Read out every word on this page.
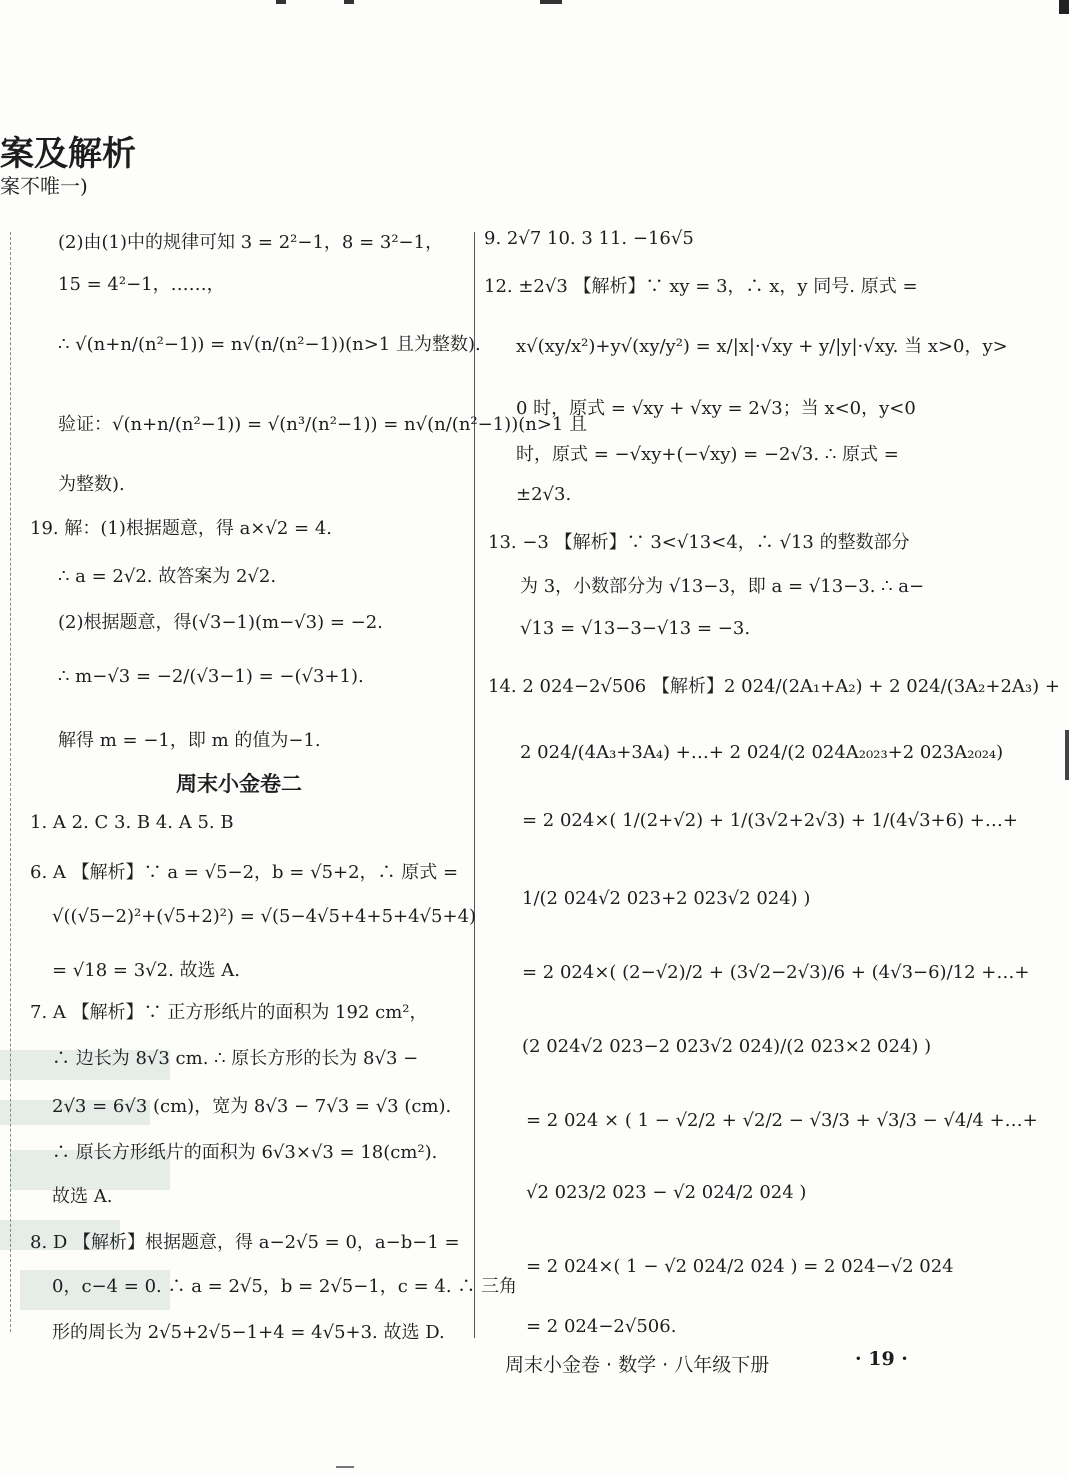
案及解析
案不唯一)
(2)由(1)中的规律可知 3 = 2²−1，8 = 3²−1，
15 = 4²−1，……，
∴ √(n+n/(n²−1)) = n√(n/(n²−1))(n>1 且为整数).
验证：√(n+n/(n²−1)) = √(n³/(n²−1)) = n√(n/(n²−1))(n>1 且
为整数).
19. 解：(1)根据题意，得 a×√2 = 4.
∴ a = 2√2. 故答案为 2√2.
(2)根据题意，得(√3−1)(m−√3) = −2.
∴ m−√3 = −2/(√3−1) = −(√3+1).
解得 m = −1，即 m 的值为−1.
周末小金卷二
1. A 2. C 3. B 4. A 5. B
6. A 【解析】∵ a = √5−2，b = √5+2，∴ 原式 =
√((√5−2)²+(√5+2)²) = √(5−4√5+4+5+4√5+4)
= √18 = 3√2. 故选 A.
7. A 【解析】∵ 正方形纸片的面积为 192 cm²，
∴ 边长为 8√3 cm. ∴ 原长方形的长为 8√3 −
2√3 = 6√3 (cm)，宽为 8√3 − 7√3 = √3 (cm).
∴ 原长方形纸片的面积为 6√3×√3 = 18(cm²).
故选 A.
8. D 【解析】根据题意，得 a−2√5 = 0，a−b−1 =
0，c−4 = 0. ∴ a = 2√5，b = 2√5−1，c = 4. ∴ 三角
形的周长为 2√5+2√5−1+4 = 4√5+3. 故选 D.
9. 2√7 10. 3 11. −16√5
12. ±2√3 【解析】∵ xy = 3，∴ x，y 同号. 原式 =
x√(xy/x²)+y√(xy/y²) = x/|x|·√xy + y/|y|·√xy. 当 x>0，y>
0 时，原式 = √xy + √xy = 2√3；当 x<0，y<0
时，原式 = −√xy+(−√xy) = −2√3. ∴ 原式 =
±2√3.
13. −3 【解析】∵ 3<√13<4，∴ √13 的整数部分
为 3，小数部分为 √13−3，即 a = √13−3. ∴ a−
√13 = √13−3−√13 = −3.
14. 2 024−2√506 【解析】2 024/(2A₁+A₂) + 2 024/(3A₂+2A₃) +
2 024/(4A₃+3A₄) +…+ 2 024/(2 024A₂₀₂₃+2 023A₂₀₂₄)
= 2 024×( 1/(2+√2) + 1/(3√2+2√3) + 1/(4√3+6) +…+
1/(2 024√2 023+2 023√2 024) )
= 2 024×( (2−√2)/2 + (3√2−2√3)/6 + (4√3−6)/12 +…+
(2 024√2 023−2 023√2 024)/(2 023×2 024) )
= 2 024 × ( 1 − √2/2 + √2/2 − √3/3 + √3/3 − √4/4 +…+
√2 023/2 023 − √2 024/2 024 )
= 2 024×( 1 − √2 024/2 024 ) = 2 024−√2 024
= 2 024−2√506.
周末小金卷 · 数学 · 八年级下册	· 19 ·
